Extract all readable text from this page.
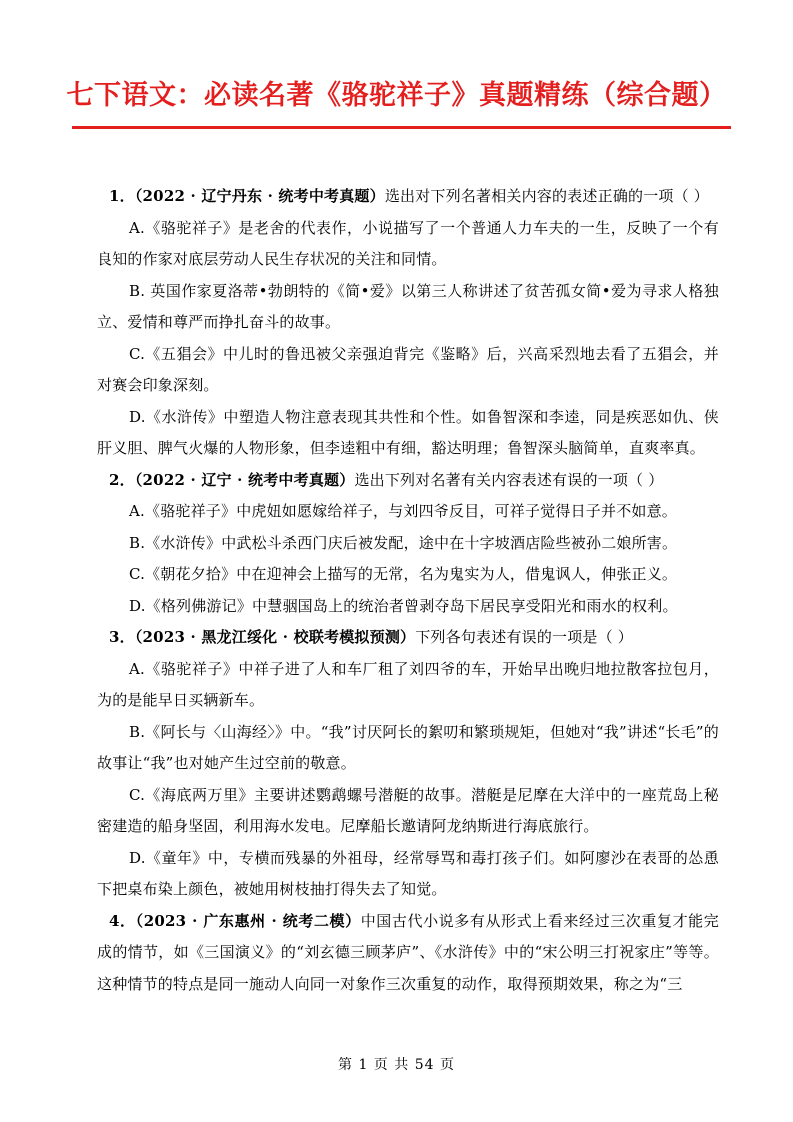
七下语文：必读名著《骆驼祥子》真题精练（综合题）

1．（2022 · 辽宁丹东 · 统考中考真题）选出对下列名著相关内容的表述正确的一项（ ）

A.《骆驼祥子》是老舍的代表作，小说描写了一个普通人力车夫的一生，反映了一个有良知的作家对底层劳动人民生存状况的关注和同情。

B. 英国作家夏洛蒂•勃朗特的《简•爱》以第三人称讲述了贫苦孤女简•爱为寻求人格独立、爱情和尊严而挣扎奋斗的故事。

C.《五猖会》中儿时的鲁迅被父亲强迫背完《鉴略》后，兴高采烈地去看了五猖会，并对赛会印象深刻。

D.《水浒传》中塑造人物注意表现其共性和个性。如鲁智深和李逵，同是疾恶如仇、侠肝义胆、脾气火爆的人物形象，但李逵粗中有细，豁达明理；鲁智深头脑简单，直爽率真。

2．（2022 · 辽宁 · 统考中考真题）选出下列对名著有关内容表述有误的一项（ ）

A.《骆驼祥子》中虎妞如愿嫁给祥子，与刘四爷反目，可祥子觉得日子并不如意。

B.《水浒传》中武松斗杀西门庆后被发配，途中在十字坡酒店险些被孙二娘所害。

C.《朝花夕拾》中在迎神会上描写的无常，名为鬼实为人，借鬼讽人，伸张正义。

D.《格列佛游记》中慧骃国岛上的统治者曾剥夺岛下居民享受阳光和雨水的权利。

3．（2023 · 黑龙江绥化 · 校联考模拟预测）下列各句表述有误的一项是（ ）

A.《骆驼祥子》中祥子进了人和车厂租了刘四爷的车，开始早出晚归地拉散客拉包月，为的是能早日买辆新车。

B.《阿长与〈山海经〉》中。“我”讨厌阿长的絮叨和繁琐规矩，但她对“我”讲述“长毛”的故事让“我”也对她产生过空前的敬意。

C.《海底两万里》主要讲述鹦鹉螺号潜艇的故事。潜艇是尼摩在大洋中的一座荒岛上秘密建造的船身坚固，利用海水发电。尼摩船长邀请阿龙纳斯进行海底旅行。

D.《童年》中，专横而残暴的外祖母，经常辱骂和毒打孩子们。如阿廖沙在表哥的怂恿下把桌布染上颜色，被她用树枝抽打得失去了知觉。

4．（2023 · 广东惠州 · 统考二模）中国古代小说多有从形式上看来经过三次重复才能完成的情节，如《三国演义》的“刘玄德三顾茅庐”、《水浒传》中的“宋公明三打祝家庄”等等。这种情节的特点是同一施动人向同一对象作三次重复的动作，取得预期效果，称之为“三

第 1 页 共 54 页
